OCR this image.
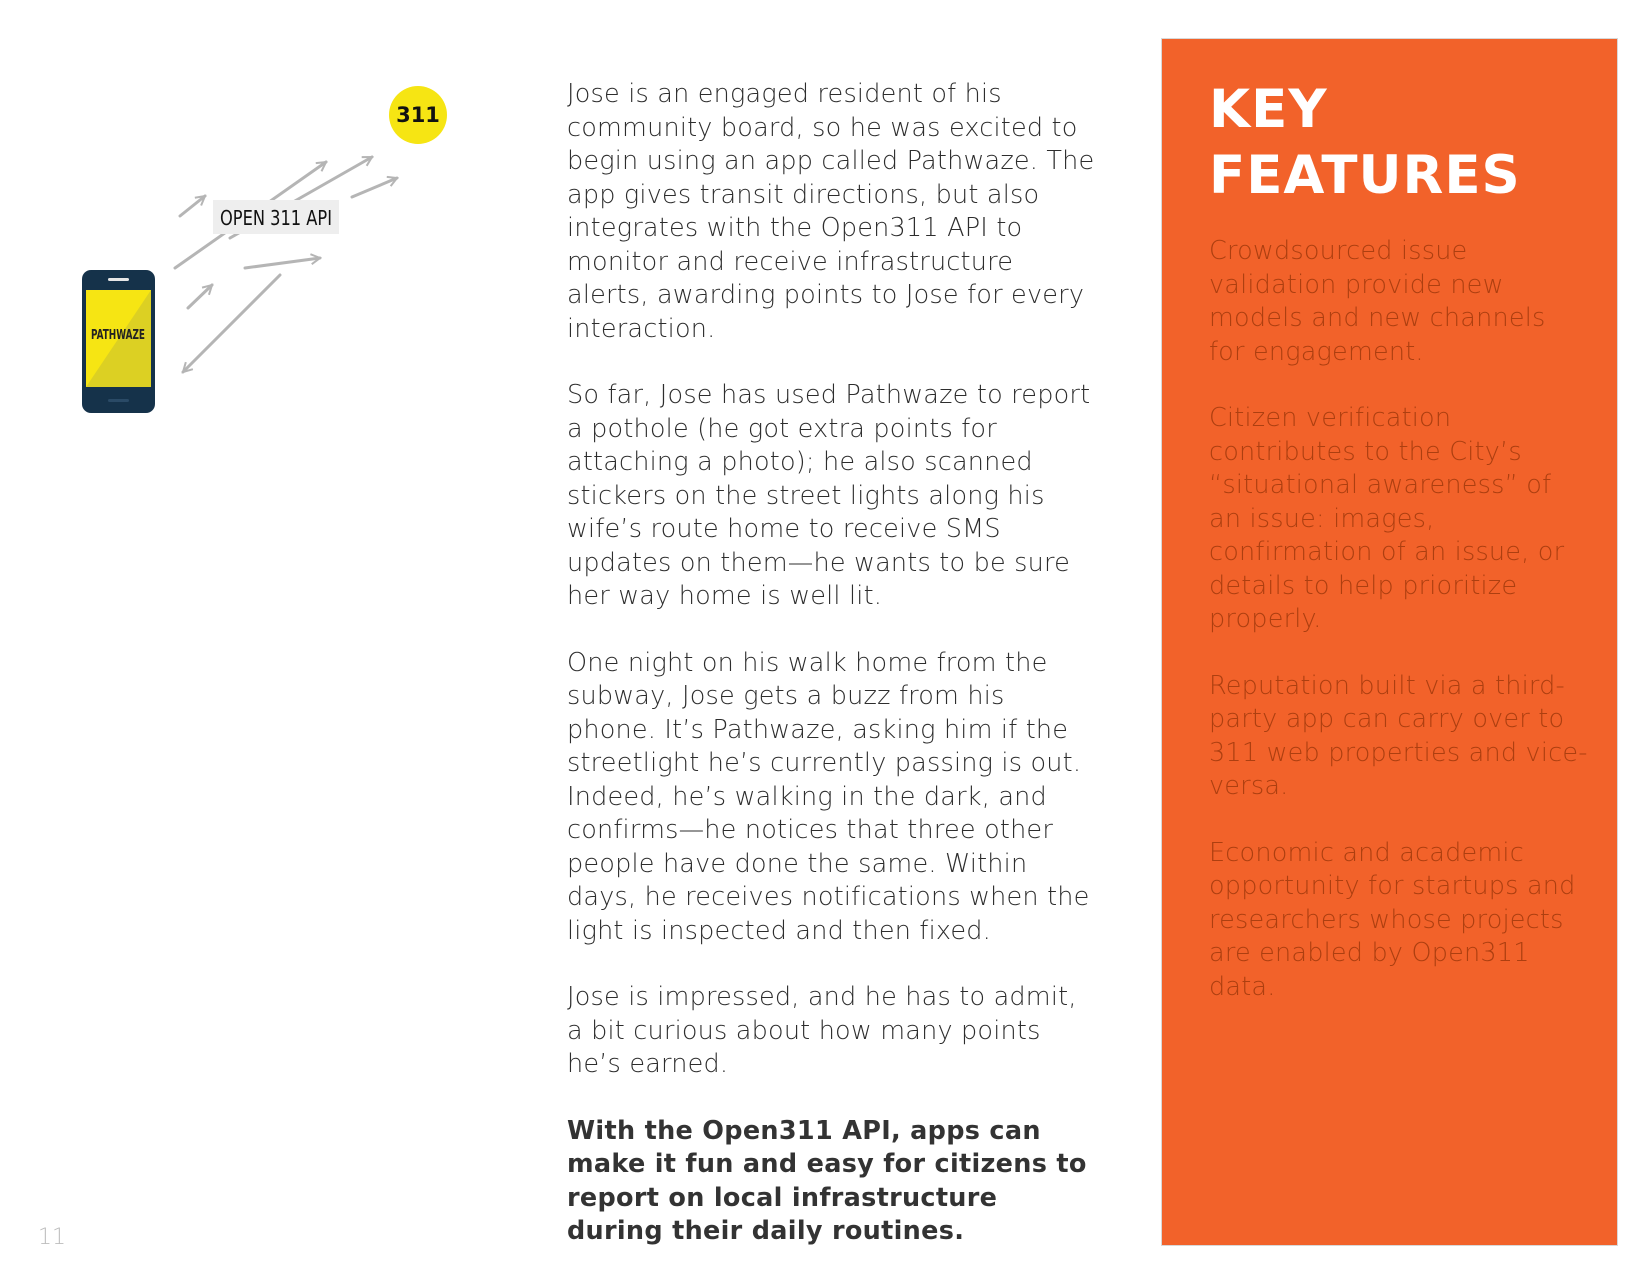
OPEN 311 API
311
PATHWAZE

Jose is an engaged resident of his community board, so he was excited to begin using an app called Pathwaze. The app gives transit directions, but also integrates with the Open311 API to monitor and receive infrastructure alerts, awarding points to Jose for every interaction.

So far, Jose has used Pathwaze to report a pothole (he got extra points for attaching a photo); he also scanned stickers on the street lights along his wife’s route home to receive SMS updates on them—he wants to be sure her way home is well lit.

One night on his walk home from the subway, Jose gets a buzz from his phone. It’s Pathwaze, asking him if the streetlight he’s currently passing is out. Indeed, he’s walking in the dark, and confirms—he notices that three other people have done the same. Within days, he receives notifications when the light is inspected and then fixed.

Jose is impressed, and he has to admit, a bit curious about how many points he’s earned.

With the Open311 API, apps can make it fun and easy for citizens to report on local infrastructure during their daily routines.

KEY
FEATURES

Crowdsourced issue validation provide new models and new channels for engagement.

Citizen verification contributes to the City’s “situational awareness” of an issue: images, confirmation of an issue, or details to help prioritize properly.

Reputation built via a third-party app can carry over to 311 web properties and vice-versa.

Economic and academic opportunity for startups and researchers whose projects are enabled by Open311 data.

11
